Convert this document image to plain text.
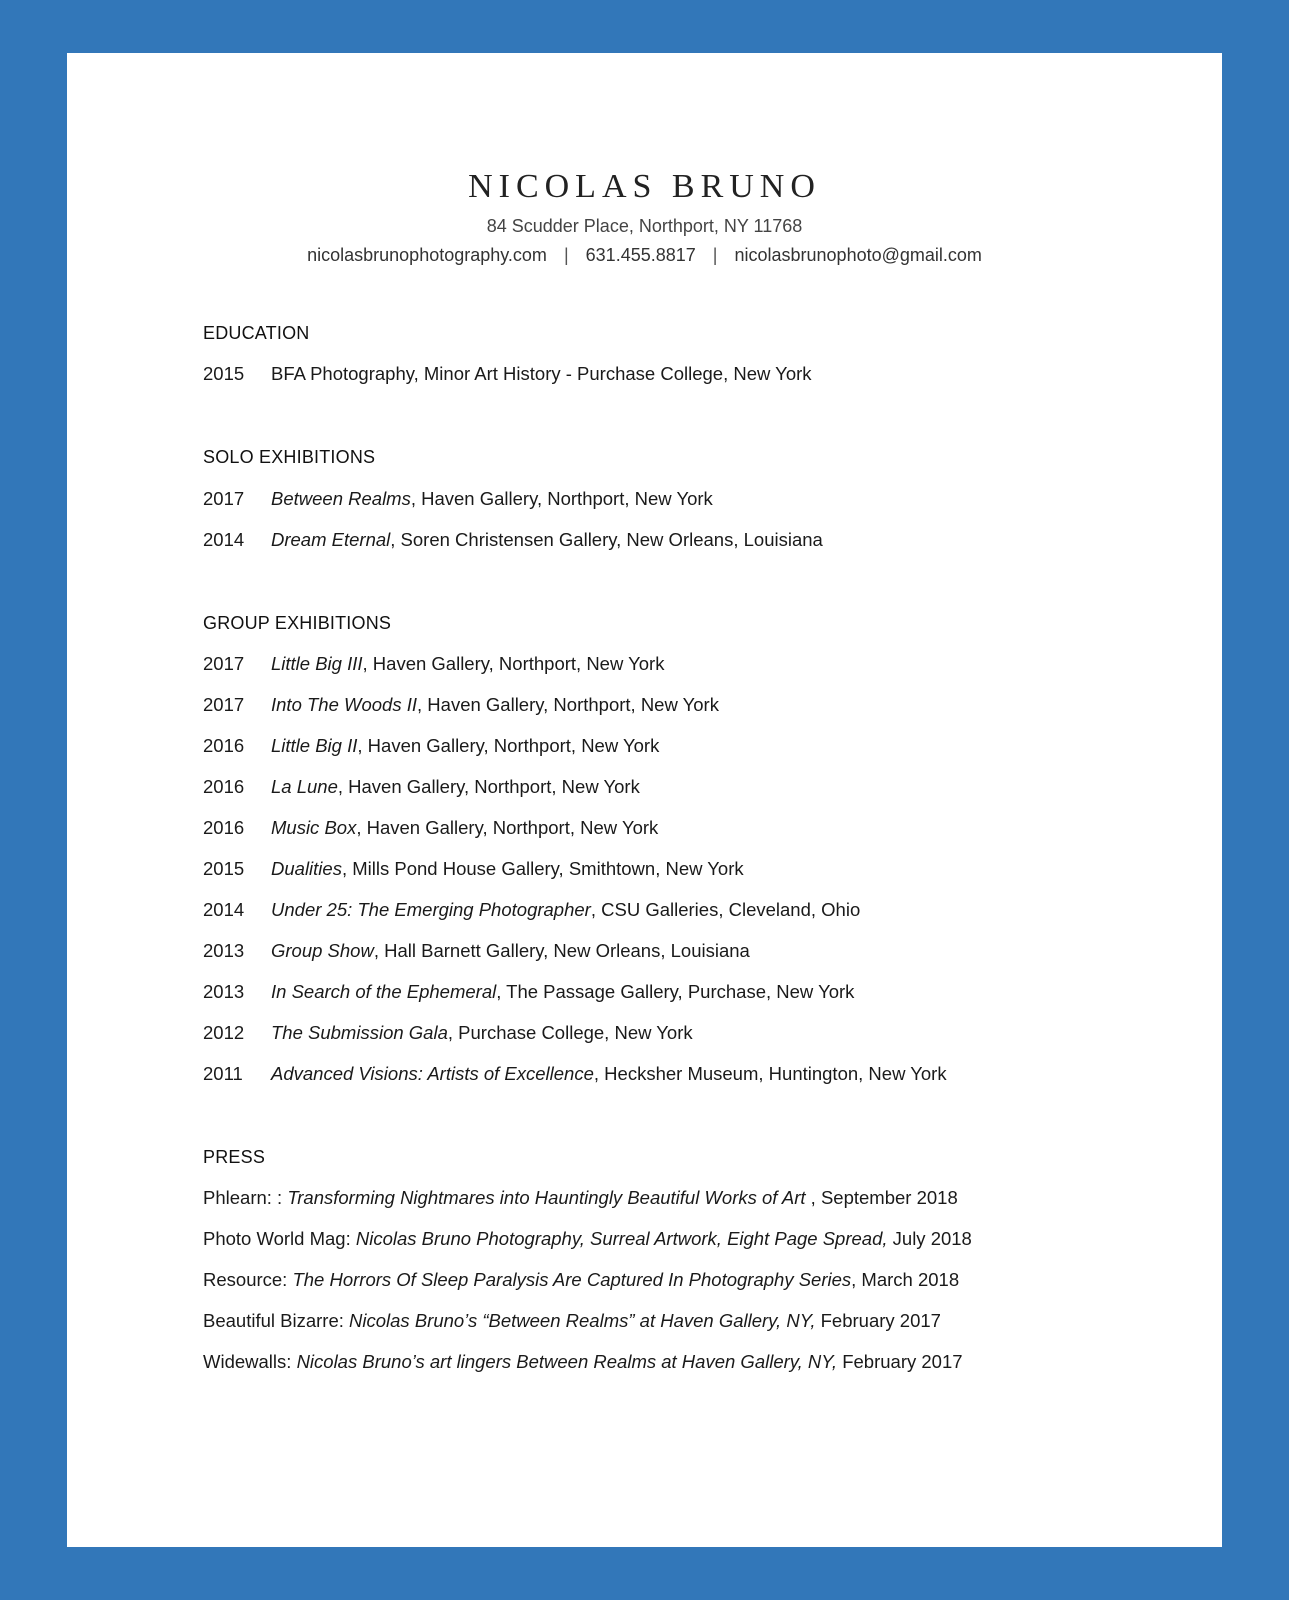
NICOLAS BRUNO
84 Scudder Place, Northport, NY 11768
nicolasbrunophotography.com | 631.455.8817 | nicolasbrunophoto@gmail.com
EDUCATION
2015 BFA Photography, Minor Art History - Purchase College, New York
SOLO EXHIBITIONS
2017 Between Realms, Haven Gallery, Northport, New York
2014 Dream Eternal, Soren Christensen Gallery, New Orleans, Louisiana
GROUP EXHIBITIONS
2017 Little Big III, Haven Gallery, Northport, New York
2017 Into The Woods II, Haven Gallery, Northport, New York
2016 Little Big II, Haven Gallery, Northport, New York
2016 La Lune, Haven Gallery, Northport, New York
2016 Music Box, Haven Gallery, Northport, New York
2015 Dualities, Mills Pond House Gallery, Smithtown, New York
2014 Under 25: The Emerging Photographer, CSU Galleries, Cleveland, Ohio
2013 Group Show, Hall Barnett Gallery, New Orleans, Louisiana
2013 In Search of the Ephemeral, The Passage Gallery, Purchase, New York
2012 The Submission Gala, Purchase College, New York
2011 Advanced Visions: Artists of Excellence, Hecksher Museum, Huntington, New York
PRESS
Phlearn: : Transforming Nightmares into Hauntingly Beautiful Works of Art , September 2018
Photo World Mag: Nicolas Bruno Photography, Surreal Artwork, Eight Page Spread, July 2018
Resource: The Horrors Of Sleep Paralysis Are Captured In Photography Series, March 2018
Beautiful Bizarre: Nicolas Bruno’s “Between Realms” at Haven Gallery, NY, February 2017
Widewalls: Nicolas Bruno’s art lingers Between Realms at Haven Gallery, NY, February 2017
